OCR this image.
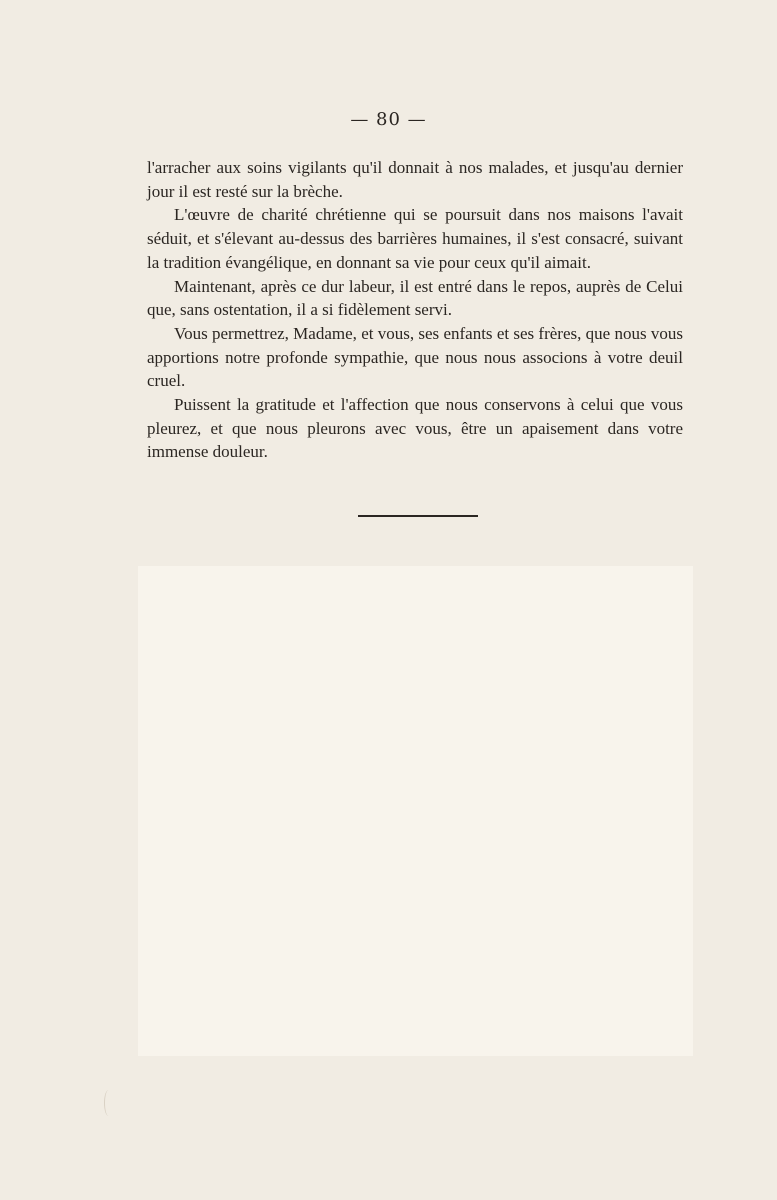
— 80 —

l'arracher aux soins vigilants qu'il donnait à nos malades, et jusqu'au dernier jour il est resté sur la brèche.

L'œuvre de charité chrétienne qui se poursuit dans nos maisons l'avait séduit, et s'élevant au-dessus des barrières humaines, il s'est consacré, suivant la tradition évangélique, en donnant sa vie pour ceux qu'il aimait.

Maintenant, après ce dur labeur, il est entré dans le repos, auprès de Celui que, sans ostentation, il a si fidèlement servi.

Vous permettrez, Madame, et vous, ses enfants et ses frères, que nous vous apportions notre profonde sympathie, que nous nous associons à votre deuil cruel.

Puissent la gratitude et l'affection que nous conservons à celui que vous pleurez, et que nous pleurons avec vous, être un apaisement dans votre immense douleur.
